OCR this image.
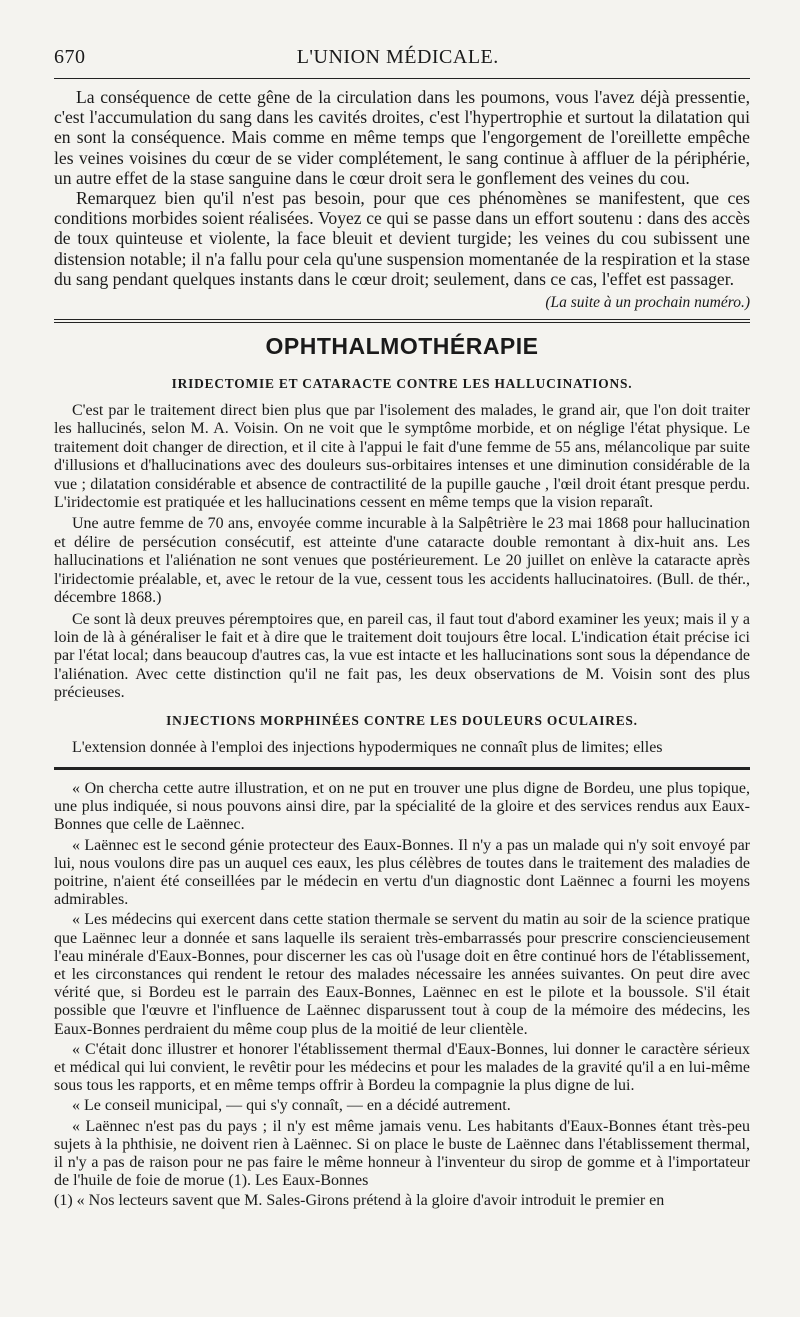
670	L'UNION MÉDICALE.

La conséquence de cette gêne de la circulation dans les poumons, vous l'avez déjà pressentie, c'est l'accumulation du sang dans les cavités droites, c'est l'hypertrophie et surtout la dilatation qui en sont la conséquence. Mais comme en même temps que l'engorgement de l'oreillette empêche les veines voisines du cœur de se vider complétement, le sang continue à affluer de la périphérie, un autre effet de la stase sanguine dans le cœur droit sera le gonflement des veines du cou.

Remarquez bien qu'il n'est pas besoin, pour que ces phénomènes se manifestent, que ces conditions morbides soient réalisées. Voyez ce qui se passe dans un effort soutenu : dans des accès de toux quinteuse et violente, la face bleuit et devient turgide; les veines du cou subissent une distension notable; il n'a fallu pour cela qu'une suspension momentanée de la respiration et la stase du sang pendant quelques instants dans le cœur droit; seulement, dans ce cas, l'effet est passager.

(La suite à un prochain numéro.)
OPHTHALMOTHÉRAPIE
IRIDECTOMIE ET CATARACTE CONTRE LES HALLUCINATIONS.

C'est par le traitement direct bien plus que par l'isolement des malades, le grand air, que l'on doit traiter les hallucinés, selon M. A. Voisin. On ne voit que le symptôme morbide, et on néglige l'état physique. Le traitement doit changer de direction, et il cite à l'appui le fait d'une femme de 55 ans, mélancolique par suite d'illusions et d'hallucinations avec des douleurs sus-orbitaires intenses et une diminution considérable de la vue ; dilatation considérable et absence de contractilité de la pupille gauche , l'œil droit étant presque perdu. L'iridectomie est pratiquée et les hallucinations cessent en même temps que la vision reparaît.

Une autre femme de 70 ans, envoyée comme incurable à la Salpêtrière le 23 mai 1868 pour hallucination et délire de persécution consécutif, est atteinte d'une cataracte double remontant à dix-huit ans. Les hallucinations et l'aliénation ne sont venues que postérieurement. Le 20 juillet on enlève la cataracte après l'iridectomie préalable, et, avec le retour de la vue, cessent tous les accidents hallucinatoires. (Bull. de thér., décembre 1868.)

Ce sont là deux preuves péremptoires que, en pareil cas, il faut tout d'abord examiner les yeux; mais il y a loin de là à généraliser le fait et à dire que le traitement doit toujours être local. L'indication était précise ici par l'état local; dans beaucoup d'autres cas, la vue est intacte et les hallucinations sont sous la dépendance de l'aliénation. Avec cette distinction qu'il ne fait pas, les deux observations de M. Voisin sont des plus précieuses.

INJECTIONS MORPHINÉES CONTRE LES DOULEURS OCULAIRES.

L'extension donnée à l'emploi des injections hypodermiques ne connaît plus de limites; elles

« On chercha cette autre illustration, et on ne put en trouver une plus digne de Bordeu, une plus topique, une plus indiquée, si nous pouvons ainsi dire, par la spécialité de la gloire et des services rendus aux Eaux-Bonnes que celle de Laënnec.

« Laënnec est le second génie protecteur des Eaux-Bonnes. Il n'y a pas un malade qui n'y soit envoyé par lui, nous voulons dire pas un auquel ces eaux, les plus célèbres de toutes dans le traitement des maladies de poitrine, n'aient été conseillées par le médecin en vertu d'un diagnostic dont Laënnec a fourni les moyens admirables.

« Les médecins qui exercent dans cette station thermale se servent du matin au soir de la science pratique que Laënnec leur a donnée et sans laquelle ils seraient très-embarrassés pour prescrire consciencieusement l'eau minérale d'Eaux-Bonnes, pour discerner les cas où l'usage doit en être continué hors de l'établissement, et les circonstances qui rendent le retour des malades nécessaire les années suivantes. On peut dire avec vérité que, si Bordeu est le parrain des Eaux-Bonnes, Laënnec en est le pilote et la boussole. S'il était possible que l'œuvre et l'influence de Laënnec disparussent tout à coup de la mémoire des médecins, les Eaux-Bonnes perdraient du même coup plus de la moitié de leur clientèle.

« C'était donc illustrer et honorer l'établissement thermal d'Eaux-Bonnes, lui donner le caractère sérieux et médical qui lui convient, le revêtir pour les médecins et pour les malades de la gravité qu'il a en lui-même sous tous les rapports, et en même temps offrir à Bordeu la compagnie la plus digne de lui.

« Le conseil municipal, — qui s'y connaît, — en a décidé autrement.

« Laënnec n'est pas du pays ; il n'y est même jamais venu. Les habitants d'Eaux-Bonnes étant très-peu sujets à la phthisie, ne doivent rien à Laënnec. Si on place le buste de Laënnec dans l'établissement thermal, il n'y a pas de raison pour ne pas faire le même honneur à l'inventeur du sirop de gomme et à l'importateur de l'huile de foie de morue (1). Les Eaux-Bonnes

(1) « Nos lecteurs savent que M. Sales-Girons prétend à la gloire d'avoir introduit le premier en
